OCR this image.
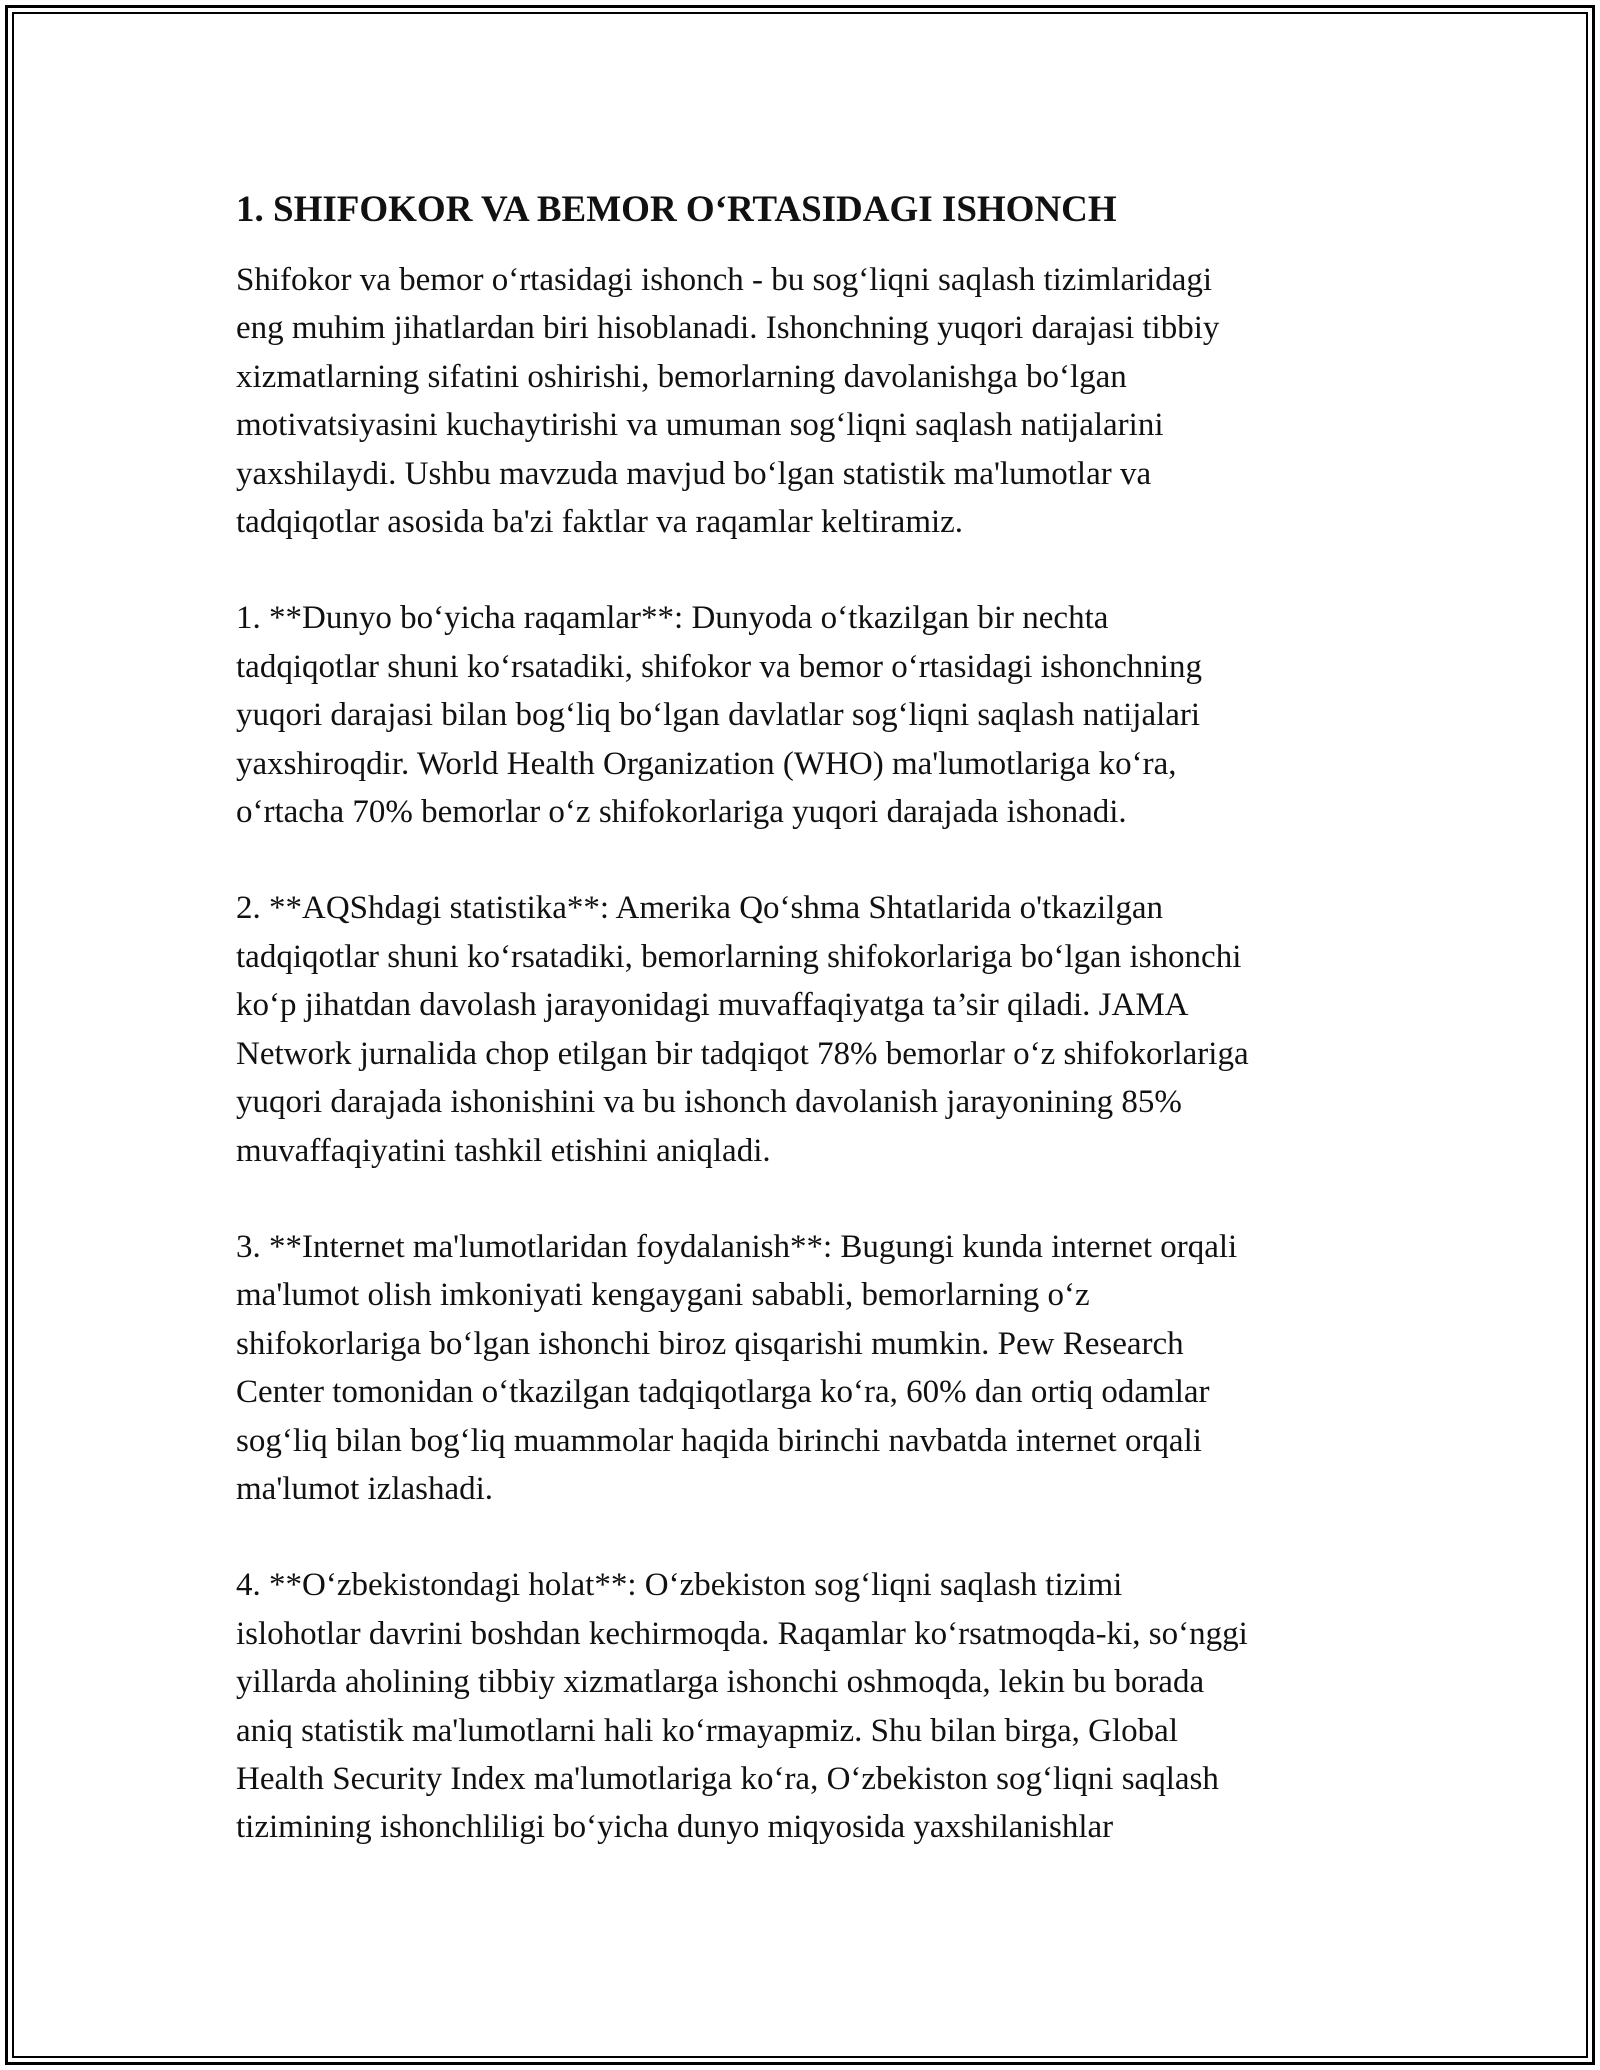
1. SHIFOKOR VA BEMOR O‘RTASIDAGI ISHONCH

Shifokor va bemor o‘rtasidagi ishonch - bu sog‘liqni saqlash tizimlaridagi
eng muhim jihatlardan biri hisoblanadi. Ishonchning yuqori darajasi tibbiy
xizmatlarning sifatini oshirishi, bemorlarning davolanishga bo‘lgan
motivatsiyasini kuchaytirishi va umuman sog‘liqni saqlash natijalarini
yaxshilaydi. Ushbu mavzuda mavjud bo‘lgan statistik ma'lumotlar va
tadqiqotlar asosida ba'zi faktlar va raqamlar keltiramiz.

1. **Dunyo bo‘yicha raqamlar**: Dunyoda o‘tkazilgan bir nechta
tadqiqotlar shuni ko‘rsatadiki, shifokor va bemor o‘rtasidagi ishonchning
yuqori darajasi bilan bog‘liq bo‘lgan davlatlar sog‘liqni saqlash natijalari
yaxshiroqdir. World Health Organization (WHO) ma'lumotlariga ko‘ra,
o‘rtacha 70% bemorlar o‘z shifokorlariga yuqori darajada ishonadi.

2. **AQShdagi statistika**: Amerika Qo‘shma Shtatlarida o'tkazilgan
tadqiqotlar shuni ko‘rsatadiki, bemorlarning shifokorlariga bo‘lgan ishonchi
ko‘p jihatdan davolash jarayonidagi muvaffaqiyatga ta’sir qiladi. JAMA
Network jurnalida chop etilgan bir tadqiqot 78% bemorlar o‘z shifokorlariga
yuqori darajada ishonishini va bu ishonch davolanish jarayonining 85%
muvaffaqiyatini tashkil etishini aniqladi.

3. **Internet ma'lumotlaridan foydalanish**: Bugungi kunda internet orqali
ma'lumot olish imkoniyati kengaygani sababli, bemorlarning o‘z
shifokorlariga bo‘lgan ishonchi biroz qisqarishi mumkin. Pew Research
Center tomonidan o‘tkazilgan tadqiqotlarga ko‘ra, 60% dan ortiq odamlar
sog‘liq bilan bog‘liq muammolar haqida birinchi navbatda internet orqali
ma'lumot izlashadi.

4. **O‘zbekistondagi holat**: O‘zbekiston sog‘liqni saqlash tizimi
islohotlar davrini boshdan kechirmoqda. Raqamlar ko‘rsatmoqda-ki, so‘nggi
yillarda aholining tibbiy xizmatlarga ishonchi oshmoqda, lekin bu borada
aniq statistik ma'lumotlarni hali ko‘rmayapmiz. Shu bilan birga, Global
Health Security Index ma'lumotlariga ko‘ra, O‘zbekiston sog‘liqni saqlash
tizimining ishonchliligi bo‘yicha dunyo miqyosida yaxshilanishlar
